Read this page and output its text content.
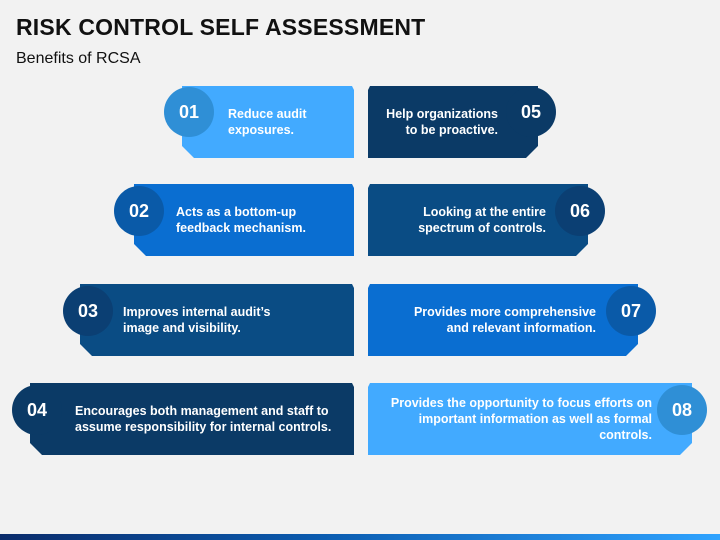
RISK CONTROL SELF ASSESSMENT
Benefits of RCSA
Reduce audit
exposures.
01
Acts as a bottom-up
feedback mechanism.
02
Improves internal audit’s
image and visibility.
03
Encourages both management and staff to
assume responsibility for internal controls.
04
Help organizations
to be proactive.
05
Looking at the entire
spectrum of controls.
06
Provides more comprehensive
and relevant information.
07
Provides the opportunity to focus efforts on
important information as well as formal controls.
08
